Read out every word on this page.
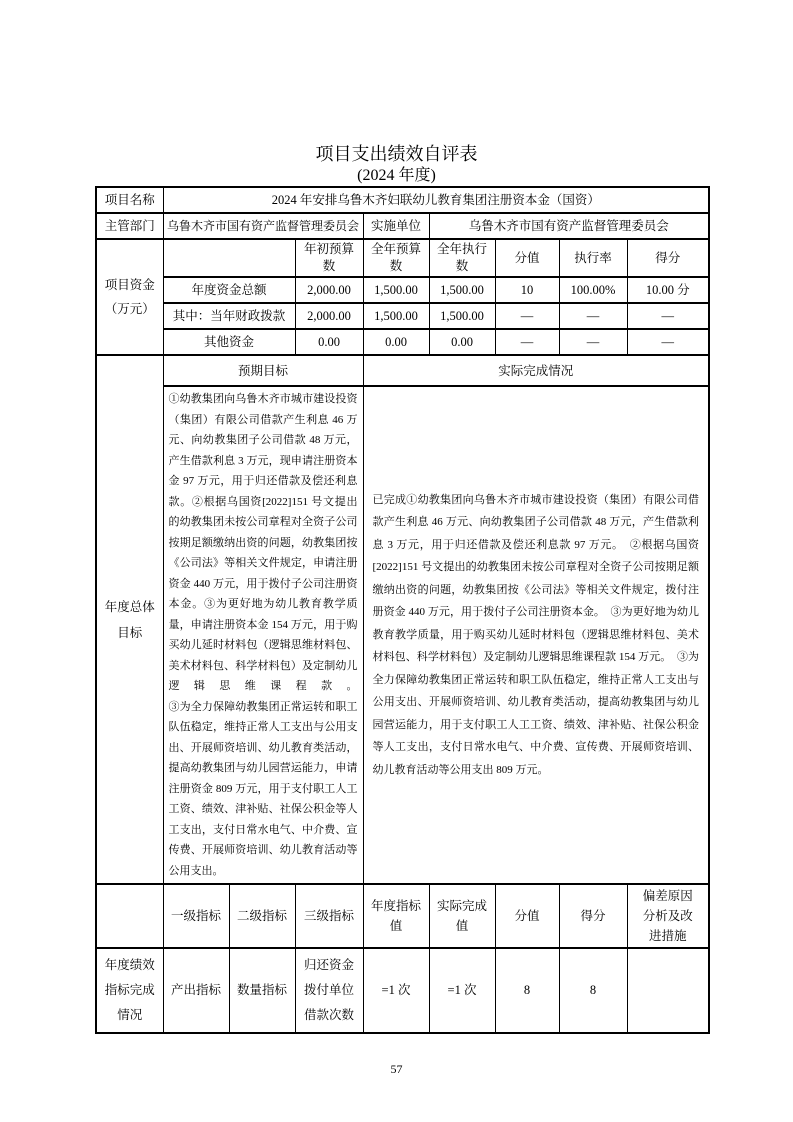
项目支出绩效自评表
(2024 年度)
项目名称	2024 年安排乌鲁木齐妇联幼儿教育集团注册资本金（国资）							
主管部门	乌鲁木齐市国有资产监督管理委员会			实施单位	乌鲁木齐市国有资产监督管理委员会			
项目资金（万元）			年初预算数	全年预算数	全年执行数	分值	执行率	得分
	年度资金总额		2,000.00	1,500.00	1,500.00	10	100.00%	10.00 分
	其中：当年财政拨款		2,000.00	1,500.00	1,500.00	—	—	—
	其他资金		0.00	0.00	0.00	—	—	—
年度总体目标	预期目标			实际完成情况				

①幼教集团向乌鲁木齐市城市建设投资（集团）有限公司借款产生利息 46 万元、向幼教集团子公司借款 48 万元，产生借款利息 3 万元，现申请注册资本金 97 万元，用于归还借款及偿还利息款。②根据乌国资[2022]151 号文提出的幼教集团未按公司章程对全资子公司按期足额缴纳出资的问题，幼教集团按《公司法》等相关文件规定，申请注册资金 440 万元，用于拨付子公司注册资本金。③为更好地为幼儿教育教学质量，申请注册资本金 154 万元，用于购买幼儿延时材料包（逻辑思维材料包、美术材料包、科学材料包）及定制幼儿逻辑思维课程款。

③为全力保障幼教集团正常运转和职工队伍稳定，维持正常人工支出与公用支出、开展师资培训、幼儿教育类活动，提高幼教集团与幼儿园营运能力，申请注册资金 809 万元，用于支付职工人工工资、绩效、津补贴、社保公积金等人工支出，支付日常水电气、中介费、宣传费、开展师资培训、幼儿教育活动等公用支出。

已完成①幼教集团向乌鲁木齐市城市建设投资（集团）有限公司借款产生利息 46 万元、向幼教集团子公司借款 48 万元，产生借款利息 3 万元，用于归还借款及偿还利息款 97 万元。　②根据乌国资[2022]151 号文提出的幼教集团未按公司章程对全资子公司按期足额缴纳出资的问题，幼教集团按《公司法》等相关文件规定，拨付注册资金 440 万元，用于拨付子公司注册资本金。　③为更好地为幼儿教育教学质量，用于购买幼儿延时材料包（逻辑思维材料包、美术材料包、科学材料包）及定制幼儿逻辑思维课程款 154 万元。　③为全力保障幼教集团正常运转和职工队伍稳定，维持正常人工支出与公用支出、开展师资培训、幼儿教育类活动，提高幼教集团与幼儿园营运能力，用于支付职工人工工资、绩效、津补贴、社保公积金等人工支出，支付日常水电气、中介费、宣传费、开展师资培训、幼儿教育活动等公用支出 809 万元。

	一级指标	二级指标	三级指标	年度指标值	实际完成值	分值	得分	偏差原因分析及改进措施
年度绩效指标完成情况	产出指标	数量指标	归还资金拨付单位借款次数	=1 次	=1 次	8	8	
57
